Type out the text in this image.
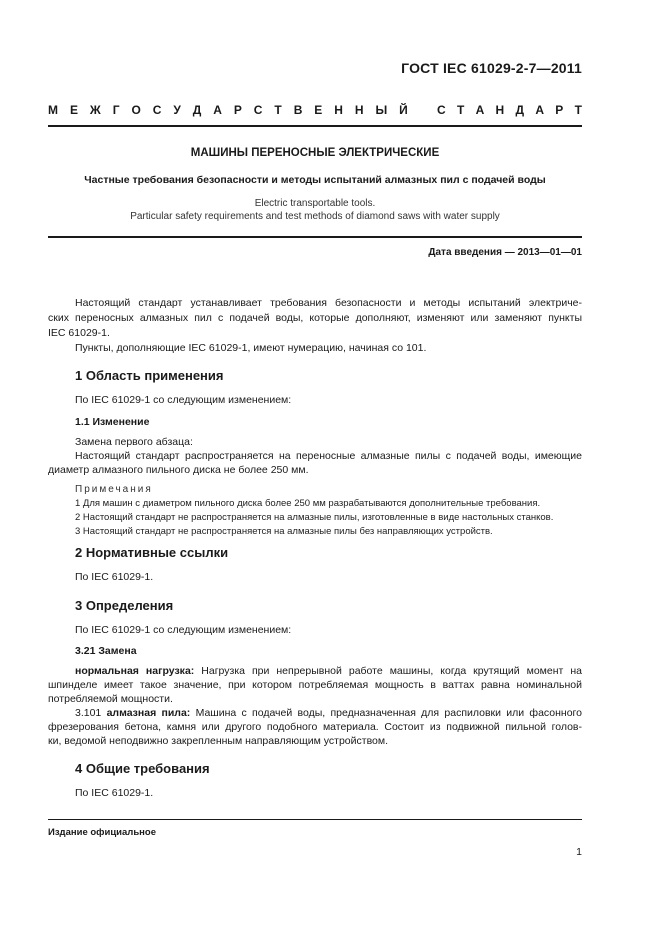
ГОСТ IEC 61029-2-7—2011
М Е Ж Г О С У Д А Р С Т В Е Н Н Ы Й С Т А Н Д А Р Т
МАШИНЫ ПЕРЕНОСНЫЕ ЭЛЕКТРИЧЕСКИЕ
Частные требования безопасности и методы испытаний алмазных пил с подачей воды
Electric transportable tools.
Particular safety requirements and test methods of diamond saws with water supply
Дата введения — 2013—01—01
Настоящий стандарт устанавливает требования безопасности и методы испытаний электриче-
ских переносных алмазных пил с подачей воды, которые дополняют, изменяют или заменяют пункты
IEC 61029-1.
Пункты, дополняющие IEC 61029-1, имеют нумерацию, начиная со 101.
1 Область применения
По IEC 61029-1 со следующим изменением:
1.1 Изменение
Замена первого абзаца:
Настоящий стандарт распространяется на переносные алмазные пилы с подачей воды, имеющие
диаметр алмазного пильного диска не более 250 мм.
Примечания
1 Для машин с диаметром пильного диска более 250 мм разрабатываются дополнительные требования.
2 Настоящий стандарт не распространяется на алмазные пилы, изготовленные в виде настольных станков.
3 Настоящий стандарт не распространяется на алмазные пилы без направляющих устройств.
2 Нормативные ссылки
По IEC 61029-1.
3 Определения
По IEC 61029-1 со следующим изменением:
3.21 Замена
нормальная нагрузка: Нагрузка при непрерывной работе машины, когда крутящий момент на
шпинделе имеет такое значение, при котором потребляемая мощность в ваттах равна номинальной
потребляемой мощности.
3.101 алмазная пила: Машина с подачей воды, предназначенная для распиловки или фасонного
фрезерования бетона, камня или другого подобного материала. Состоит из подвижной пильной голов-
ки, ведомой неподвижно закрепленным направляющим устройством.
4 Общие требования
По IEC 61029-1.
Издание официальное
1
